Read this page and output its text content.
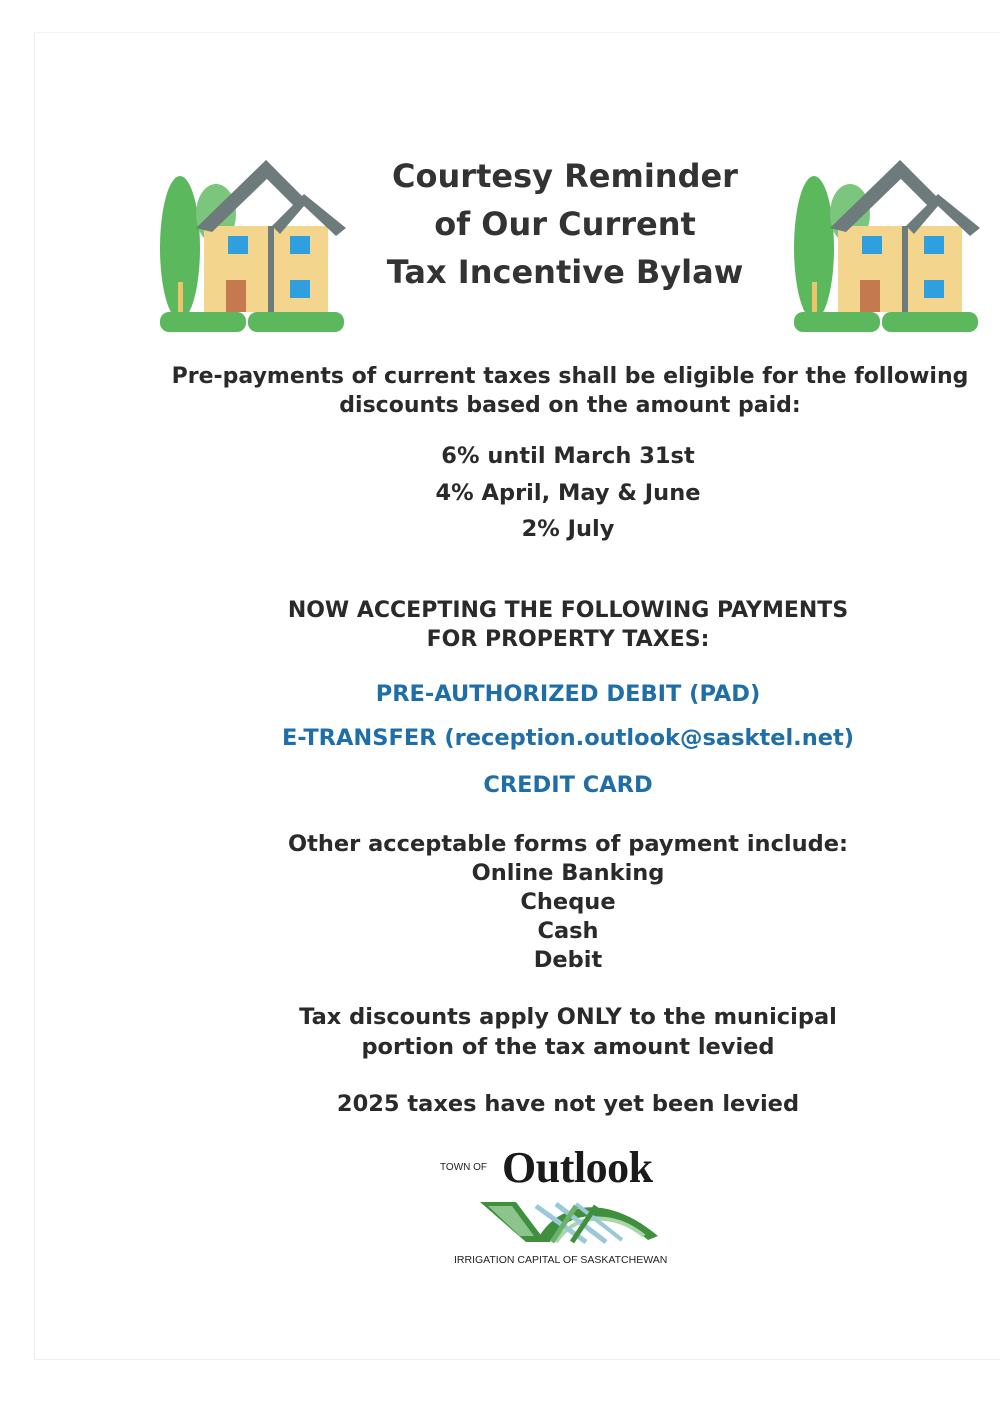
Courtesy Reminder
of Our Current
Tax Incentive Bylaw
Pre-payments of current taxes shall be eligible for the following
discounts based on the amount paid:
6% until March 31st
4% April, May & June
2% July
NOW ACCEPTING THE FOLLOWING PAYMENTS
FOR PROPERTY TAXES:
PRE-AUTHORIZED DEBIT (PAD)
E-TRANSFER (reception.outlook@sasktel.net)
CREDIT CARD
Other acceptable forms of payment include:
Online Banking
Cheque
Cash
Debit
Tax discounts apply ONLY to the municipal
portion of the tax amount levied
2025 taxes have not yet been levied
TOWN OF Outlook
IRRIGATION CAPITAL OF SASKATCHEWAN
